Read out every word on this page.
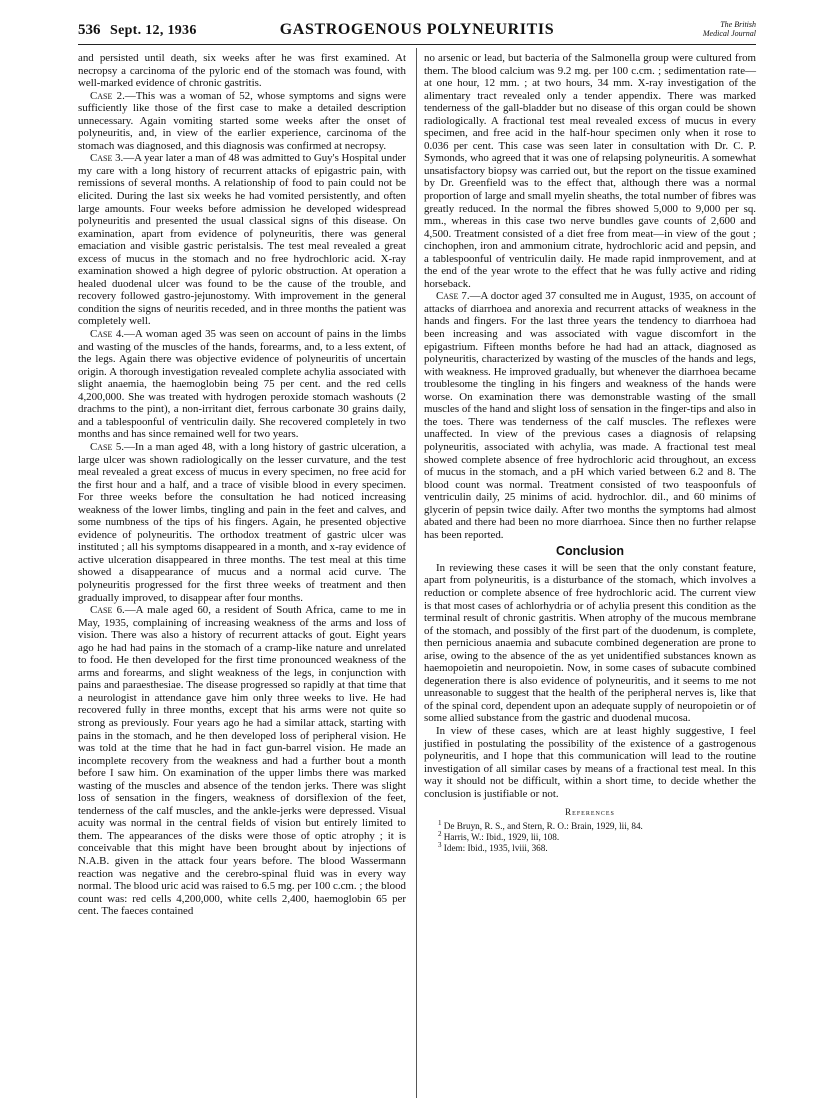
536 Sept. 12, 1936	GASTROGENOUS POLYNEURITIS	The British
Medical Journal

and persisted until death, six weeks after he was first examined. At necropsy a carcinoma of the pyloric end of the stomach was found, with well-marked evidence of chronic gastritis.

Case 2.—This was a woman of 52, whose symptoms and signs were sufficiently like those of the first case to make a detailed description unnecessary. Again vomiting started some weeks after the onset of polyneuritis, and, in view of the earlier experience, carcinoma of the stomach was diagnosed, and this diagnosis was confirmed at necropsy.

Case 3.—A year later a man of 48 was admitted to Guy's Hospital under my care with a long history of recurrent attacks of epigastric pain, with remissions of several months. A relationship of food to pain could not be elicited. During the last six weeks he had vomited persistently, and often large amounts. Four weeks before admission he developed widespread polyneuritis and presented the usual classical signs of this disease. On examination, apart from evidence of polyneuritis, there was general emaciation and visible gastric peristalsis. The test meal revealed a great excess of mucus in the stomach and no free hydrochloric acid. X-ray examination showed a high degree of pyloric obstruction. At operation a healed duodenal ulcer was found to be the cause of the trouble, and recovery followed gastro-jejunostomy. With improvement in the general condition the signs of neuritis receded, and in three months the patient was completely well.

Case 4.—A woman aged 35 was seen on account of pains in the limbs and wasting of the muscles of the hands, forearms, and, to a less extent, of the legs. Again there was objective evidence of polyneuritis of uncertain origin. A thorough investigation revealed complete achylia associated with slight anaemia, the haemoglobin being 75 per cent. and the red cells 4,200,000. She was treated with hydrogen peroxide stomach washouts (2 drachms to the pint), a non-irritant diet, ferrous carbonate 30 grains daily, and a tablespoonful of ventriculin daily. She recovered completely in two months and has since remained well for two years.

Case 5.—In a man aged 48, with a long history of gastric ulceration, a large ulcer was shown radiologically on the lesser curvature, and the test meal revealed a great excess of mucus in every specimen, no free acid for the first hour and a half, and a trace of visible blood in every specimen. For three weeks before the consultation he had noticed increasing weakness of the lower limbs, tingling and pain in the feet and calves, and some numbness of the tips of his fingers. Again, he presented objective evidence of polyneuritis. The orthodox treatment of gastric ulcer was instituted ; all his symptoms disappeared in a month, and x-ray evidence of active ulceration disappeared in three months. The test meal at this time showed a disappearance of mucus and a normal acid curve. The polyneuritis progressed for the first three weeks of treatment and then gradually improved, to disappear after four months.

Case 6.—A male aged 60, a resident of South Africa, came to me in May, 1935, complaining of increasing weakness of the arms and loss of vision. There was also a history of recurrent attacks of gout. Eight years ago he had had pains in the stomach of a cramp-like nature and unrelated to food. He then developed for the first time pronounced weakness of the arms and forearms, and slight weakness of the legs, in conjunction with pains and paraesthesiae. The disease progressed so rapidly at that time that a neurologist in attendance gave him only three weeks to live. He had recovered fully in three months, except that his arms were not quite so strong as previously. Four years ago he had a similar attack, starting with pains in the stomach, and he then developed loss of peripheral vision. He was told at the time that he had in fact gun-barrel vision. He made an incomplete recovery from the weakness and had a further bout a month before I saw him. On examination of the upper limbs there was marked wasting of the muscles and absence of the tendon jerks. There was slight loss of sensation in the fingers, weakness of dorsiflexion of the feet, tenderness of the calf muscles, and the ankle-jerks were depressed. Visual acuity was normal in the central fields of vision but entirely limited to them. The appearances of the disks were those of optic atrophy ; it is conceivable that this might have been brought about by injections of N.A.B. given in the attack four years before. The blood Wassermann reaction was negative and the cerebro-spinal fluid was in every way normal. The blood uric acid was raised to 6.5 mg. per 100 c.cm. ; the blood count was: red cells 4,200,000, white cells 2,400, haemoglobin 65 per cent. The faeces contained

no arsenic or lead, but bacteria of the Salmonella group were cultured from them. The blood calcium was 9.2 mg. per 100 c.cm. ; sedimentation rate—at one hour, 12 mm. ; at two hours, 34 mm. X-ray investigation of the alimentary tract revealed only a tender appendix. There was marked tenderness of the gall-bladder but no disease of this organ could be shown radiologically. A fractional test meal revealed excess of mucus in every specimen, and free acid in the half-hour specimen only when it rose to 0.036 per cent. This case was seen later in consultation with Dr. C. P. Symonds, who agreed that it was one of relapsing polyneuritis. A somewhat unsatisfactory biopsy was carried out, but the report on the tissue examined by Dr. Greenfield was to the effect that, although there was a normal proportion of large and small myelin sheaths, the total number of fibres was greatly reduced. In the normal the fibres showed 5,000 to 9,000 per sq. mm., whereas in this case two nerve bundles gave counts of 2,600 and 4,500. Treatment consisted of a diet free from meat—in view of the gout ; cinchophen, iron and ammonium citrate, hydrochloric acid and pepsin, and a tablespoonful of ventriculin daily. He made rapid inmprovement, and at the end of the year wrote to the effect that he was fully active and riding horseback.

Case 7.—A doctor aged 37 consulted me in August, 1935, on account of attacks of diarrhoea and anorexia and recurrent attacks of weakness in the hands and fingers. For the last three years the tendency to diarrhoea had been increasing and was associated with vague discomfort in the epigastrium. Fifteen months before he had had an attack, diagnosed as polyneuritis, characterized by wasting of the muscles of the hands and legs, with weakness. He improved gradually, but whenever the diarrhoea became troublesome the tingling in his fingers and weakness of the hands were worse. On examination there was demonstrable wasting of the small muscles of the hand and slight loss of sensation in the finger-tips and also in the toes. There was tenderness of the calf muscles. The reflexes were unaffected. In view of the previous cases a diagnosis of relapsing polyneuritis, associated with achylia, was made. A fractional test meal showed complete absence of free hydrochloric acid throughout, an excess of mucus in the stomach, and a pH which varied between 6.2 and 8. The blood count was normal. Treatment consisted of two teaspoonfuls of ventriculin daily, 25 minims of acid. hydrochlor. dil., and 60 minims of glycerin of pepsin twice daily. After two months the symptoms had almost abated and there had been no more diarrhoea. Since then no further relapse has been reported.

Conclusion

In reviewing these cases it will be seen that the only constant feature, apart from polyneuritis, is a disturbance of the stomach, which involves a reduction or complete absence of free hydrochloric acid. The current view is that most cases of achlorhydria or of achylia present this condition as the terminal result of chronic gastritis. When atrophy of the mucous membrane of the stomach, and possibly of the first part of the duodenum, is complete, then pernicious anaemia and subacute combined degeneration are prone to arise, owing to the absence of the as yet unidentified substances known as haemopoietin and neuropoietin. Now, in some cases of subacute combined degeneration there is also evidence of polyneuritis, and it seems to me not unreasonable to suggest that the health of the peripheral nerves is, like that of the spinal cord, dependent upon an adequate supply of neuropoietin or of some allied substance from the gastric and duodenal mucosa.

In view of these cases, which are at least highly suggestive, I feel justified in postulating the possibility of the existence of a gastrogenous polyneuritis, and I hope that this communication will lead to the routine investigation of all similar cases by means of a fractional test meal. In this way it should not be difficult, within a short time, to decide whether the conclusion is justifiable or not.

References
$^1$ De Bruyn, R. S., and Stern, R. O.: Brain, 1929, lii, 84.
$^2$ Harris, W.: Ibid., 1929, lii, 108.
$^3$ Idem: Ibid., 1935, lviii, 368.
